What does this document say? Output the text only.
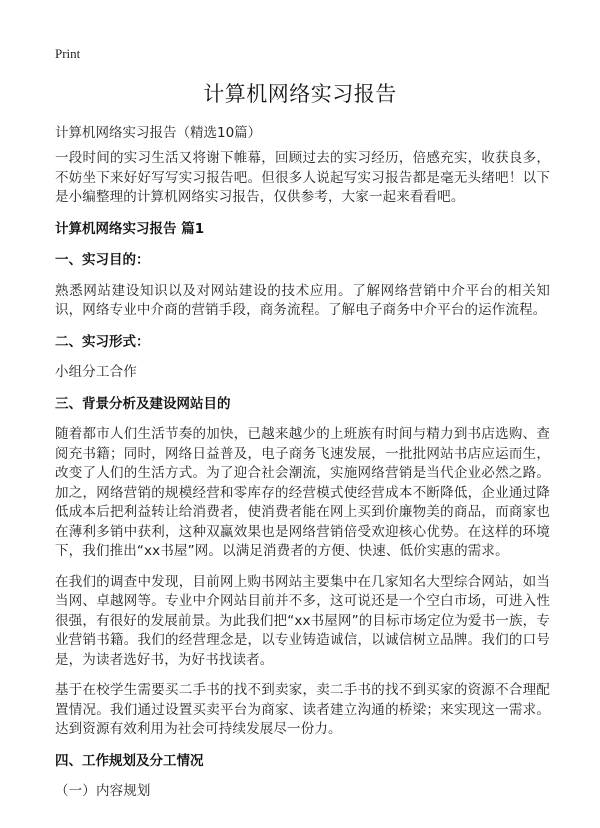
Print
计算机网络实习报告
计算机网络实习报告（精选10篇）

一段时间的实习生活又将谢下帷幕，回顾过去的实习经历，倍感充实，收获良多，不妨坐下来好好写写实习报告吧。但很多人说起写实习报告都是毫无头绪吧！以下是小编整理的计算机网络实习报告，仅供参考，大家一起来看看吧。

计算机网络实习报告 篇1
一、实习目的：

熟悉网站建设知识以及对网站建设的技术应用。了解网络营销中介平台的相关知识，网络专业中介商的营销手段，商务流程。了解电子商务中介平台的运作流程。

二、实习形式：

小组分工合作

三、背景分析及建设网站目的

随着都市人们生活节奏的加快，已越来越少的上班族有时间与精力到书店选购、查阅充书籍；同时，网络日益普及，电子商务飞速发展，一批批网站书店应运而生，改变了人们的生活方式。为了迎合社会潮流，实施网络营销是当代企业必然之路。加之，网络营销的规模经营和零库存的经营模式使经营成本不断降低，企业通过降低成本后把利益转让给消费者，使消费者能在网上买到价廉物美的商品，而商家也在薄利多销中获利，这种双赢效果也是网络营销倍受欢迎核心优势。在这样的环境下，我们推出“xx书屋”网。以满足消费者的方便、快速、低价实惠的需求。

在我们的调查中发现，目前网上购书网站主要集中在几家知名大型综合网站，如当当网、卓越网等。专业中介网站目前并不多，这可说还是一个空白市场，可进入性很强，有很好的发展前景。为此我们把“xx书屋网”的目标市场定位为爱书一族，专业营销书籍。我们的经营理念是，以专业铸造诚信，以诚信树立品牌。我们的口号是，为读者选好书，为好书找读者。

基于在校学生需要买二手书的找不到卖家，卖二手书的找不到买家的资源不合理配置情况。我们通过设置买卖平台为商家、读者建立沟通的桥梁；来实现这一需求。达到资源有效利用为社会可持续发展尽一份力。

四、工作规划及分工情况

（一）内容规划
